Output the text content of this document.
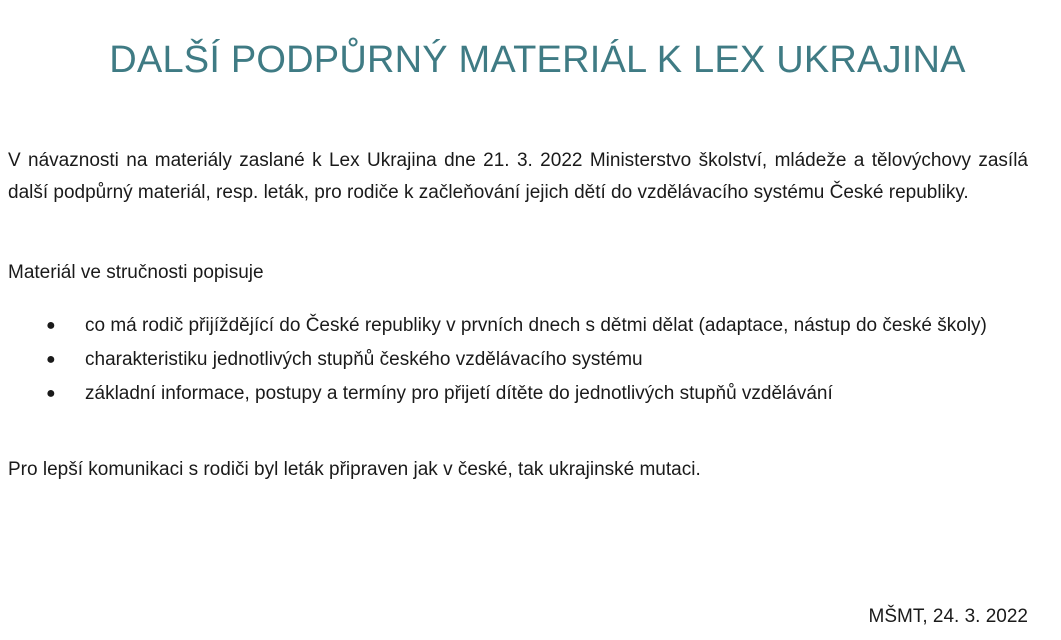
DALŠÍ PODPŮRNÝ MATERIÁL K LEX UKRAJINA

V návaznosti na materiály zaslané k Lex Ukrajina dne 21. 3. 2022 Ministerstvo školství, mládeže a tělovýchovy zasílá další podpůrný materiál, resp. leták, pro rodiče k začleňování jejich dětí do vzdělávacího systému České republiky.

Materiál ve stručnosti popisuje

● co má rodič přijíždějící do České republiky v prvních dnech s dětmi dělat (adaptace, nástup do české školy)
● charakteristiku jednotlivých stupňů českého vzdělávacího systému
● základní informace, postupy a termíny pro přijetí dítěte do jednotlivých stupňů vzdělávání

Pro lepší komunikaci s rodiči byl leták připraven jak v české, tak ukrajinské mutaci.

MŠMT, 24. 3. 2022
